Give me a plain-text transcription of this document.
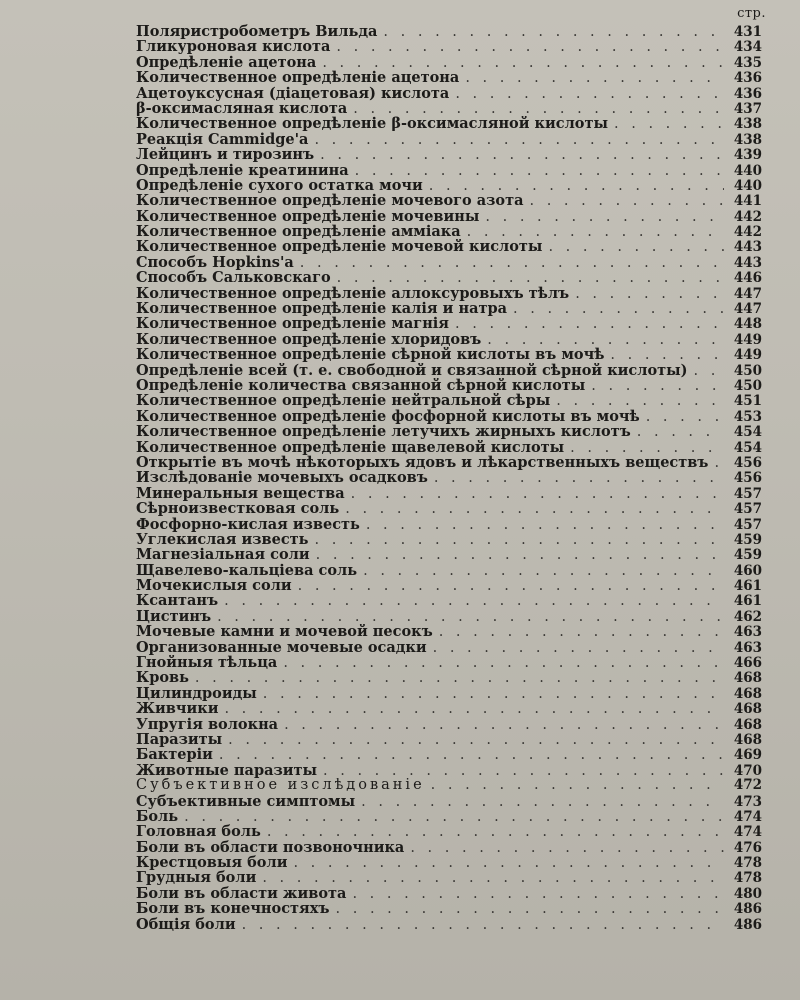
стр.
Поляристробометръ Вильда . . .	431
Гликуроновая кислота . . .	434
Опредѣленіе ацетона . . .	435
Количественное опредѣленіе ацетона . . .	436
Ацетоуксусная (діацетовая) кислота . . .	436
β-оксимасляная кислота . . .	437
Количественное опредѣленіе β-оксимасляной кислоты . . .	438
Реакція Cammidge'а . . .	438
Лейцинъ и тирозинъ . . .	439
Опредѣленіе креатинина . . .	440
Опредѣленіе сухого остатка мочи . . .	440
Количественное опредѣленіе мочевого азота . . .	441
Количественное опредѣленіе мочевины . . .	442
Количественное опредѣленіе амміака . . .	442
Количественное опредѣленіе мочевой кислоты . . .	443
Способъ Hopkins'а . . .	443
Способъ Сальковскаго . . .	446
Количественное опредѣленіе аллоксуровыхъ тѣлъ . . .	447
Количественное опредѣленіе калія и натра . . .	447
Количественное опредѣленіе магнія . . .	448
Количественное опредѣленіе хлоридовъ . . .	449
Количественное опредѣленіе сѣрной кислоты въ мочѣ . . .	449
Опредѣленіе всей (т. е. свободной и связанной сѣрной кислоты) . . .	450
Опредѣленіе количества связанной сѣрной кислоты . . .	450
Количественное опредѣленіе нейтральной сѣры . . .	451
Количественное опредѣленіе фосфорной кислоты въ мочѣ . . .	453
Количественное опредѣленіе летучихъ жирныхъ кислотъ . . .	454
Количественное опредѣленіе щавелевой кислоты . . .	454
Открытіе въ мочѣ нѣкоторыхъ ядовъ и лѣкарственныхъ веществъ . . . 456
Изслѣдованіе мочевыхъ осадковъ . . .	456
Минеральныя вещества . . .	457
Сѣрноизвестковая соль . . .	457
Фосфорно-кислая известь . . .	457
Углекислая известь . . .	459
Магнезіальная соли . . .	459
Щавелево-кальціева соль . . .	460
Мочекислыя соли . . .	461
Ксантанъ . . .	461
Цистинъ . . .	462
Мочевые камни и мочевой песокъ . . .	463
Организованные мочевые осадки . . .	463
Гнойныя тѣльца . . .	466
Кровь . . .	468
Цилиндроиды . . .	468
Живчики . . .	468
Упругія волокна . . .	468
Паразиты . . .	468
Бактеріи . . .	469
Животные паразиты . . .	470
Субъективное изслѣдованіе . . .	472
Субъективные симптомы . . .	473
Боль . . .	474
Головная боль . . .	474
Боли въ области позвоночника . . .	476
Крестцовыя боли . . .	478
Грудныя боли . . .	478
Боли въ области живота . . .	480
Боли въ конечностяхъ . . .	486
Общія боли . . .	486
